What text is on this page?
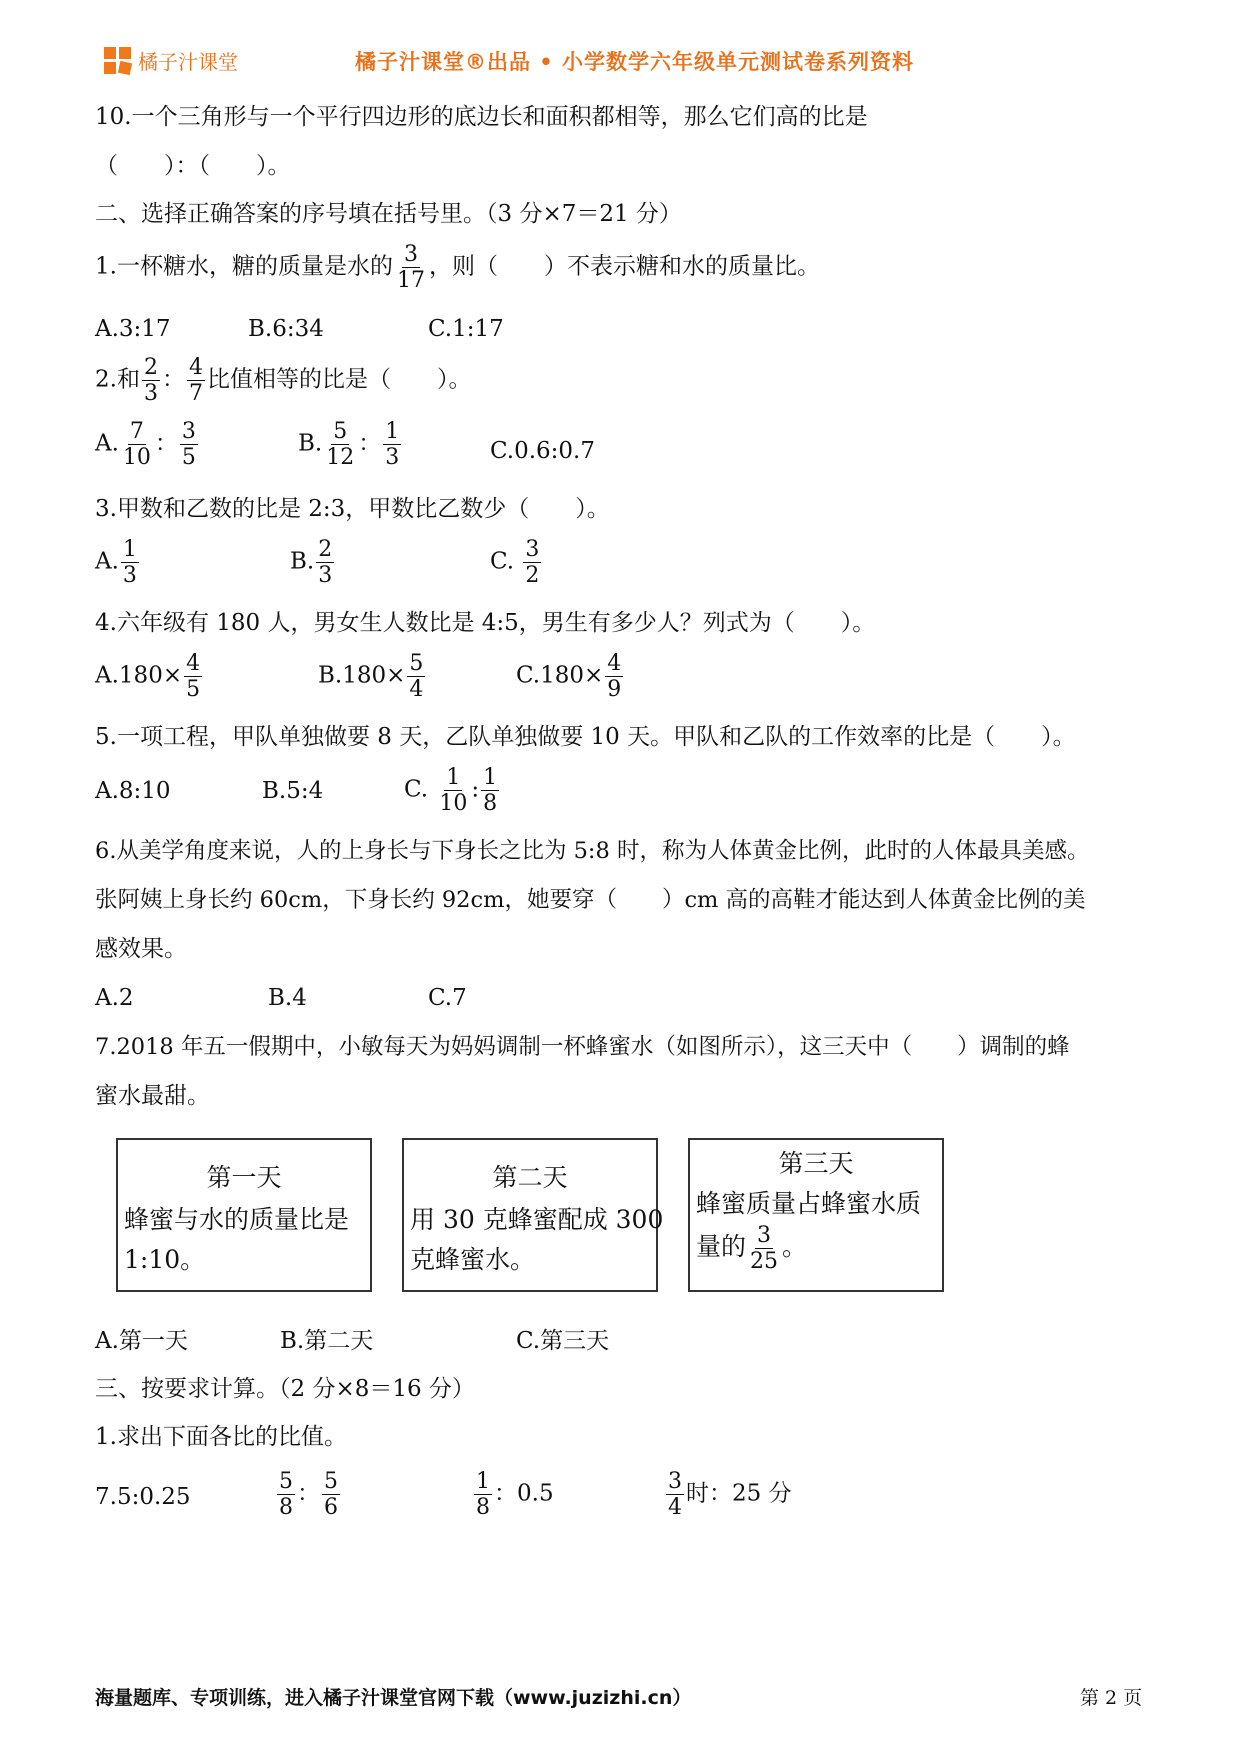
橘子汁课堂	橘子汁课堂®出品 • 小学数学六年级单元测试卷系列资料
10.一个三角形与一个平行四边形的底边长和面积都相等，那么它们高的比是
（　　）：（　　）。
二、选择正确答案的序号填在括号里。（3 分×7＝21 分）
1.一杯糖水，糖的质量是水的 $\frac{3}{17}$ ，则（　　）不表示糖和水的质量比。
A.3:17	B.6:34	C.1:17
2.和 $\frac{2}{3}$ ： $\frac{4}{7}$ 比值相等的比是（　　）。
A. $\frac{7}{10}$ ： $\frac{3}{5}$	B. $\frac{5}{12}$ ： $\frac{1}{3}$	C.0.6:0.7
3.甲数和乙数的比是 2:3，甲数比乙数少（　　）。
A. $\frac{1}{3}$	B. $\frac{2}{3}$	C. $\frac{3}{2}$
4.六年级有 180 人，男女生人数比是 4:5，男生有多少人？列式为（　　）。
$A.180\times \frac{4}{5}$	$B.180\times \frac{5}{4}$	$C.180\times \frac{4}{9}$
5.一项工程，甲队单独做要 8 天，乙队单独做要 10 天。甲队和乙队的工作效率的比是（　　）。
A.8:10	B.5:4	C. $\frac{1}{10}$ : $\frac{1}{8}$
6.从美学角度来说，人的上身长与下身长之比为 5:8 时，称为人体黄金比例，此时的人体最具美感。
张阿姨上身长约 60cm，下身长约 92cm，她要穿（　　）cm 高的高鞋才能达到人体黄金比例的美
感效果。
A.2	B.4	C.7
7.2018 年五一假期中，小敏每天为妈妈调制一杯蜂蜜水（如图所示），这三天中（　　）调制的蜂
蜜水最甜。
第一天
蜂蜜与水的质量比是
1:10。
第二天
用 30 克蜂蜜配成 300
克蜂蜜水。
第三天
蜂蜜质量占蜂蜜水质
量的 $\frac{3}{25}$ 。
A.第一天	B.第二天	C.第三天
三、按要求计算。（2 分×8＝16 分）
1.求出下面各比的比值。
7.5:0.25	$\frac{5}{8}$ ： $\frac{5}{6}$	$\frac{1}{8}$ ：0.5	$\frac{3}{4}$ 时：25 分
海量题库、专项训练，进入橘子汁课堂官网下载（www.juzizhi.cn）	第 2 页
